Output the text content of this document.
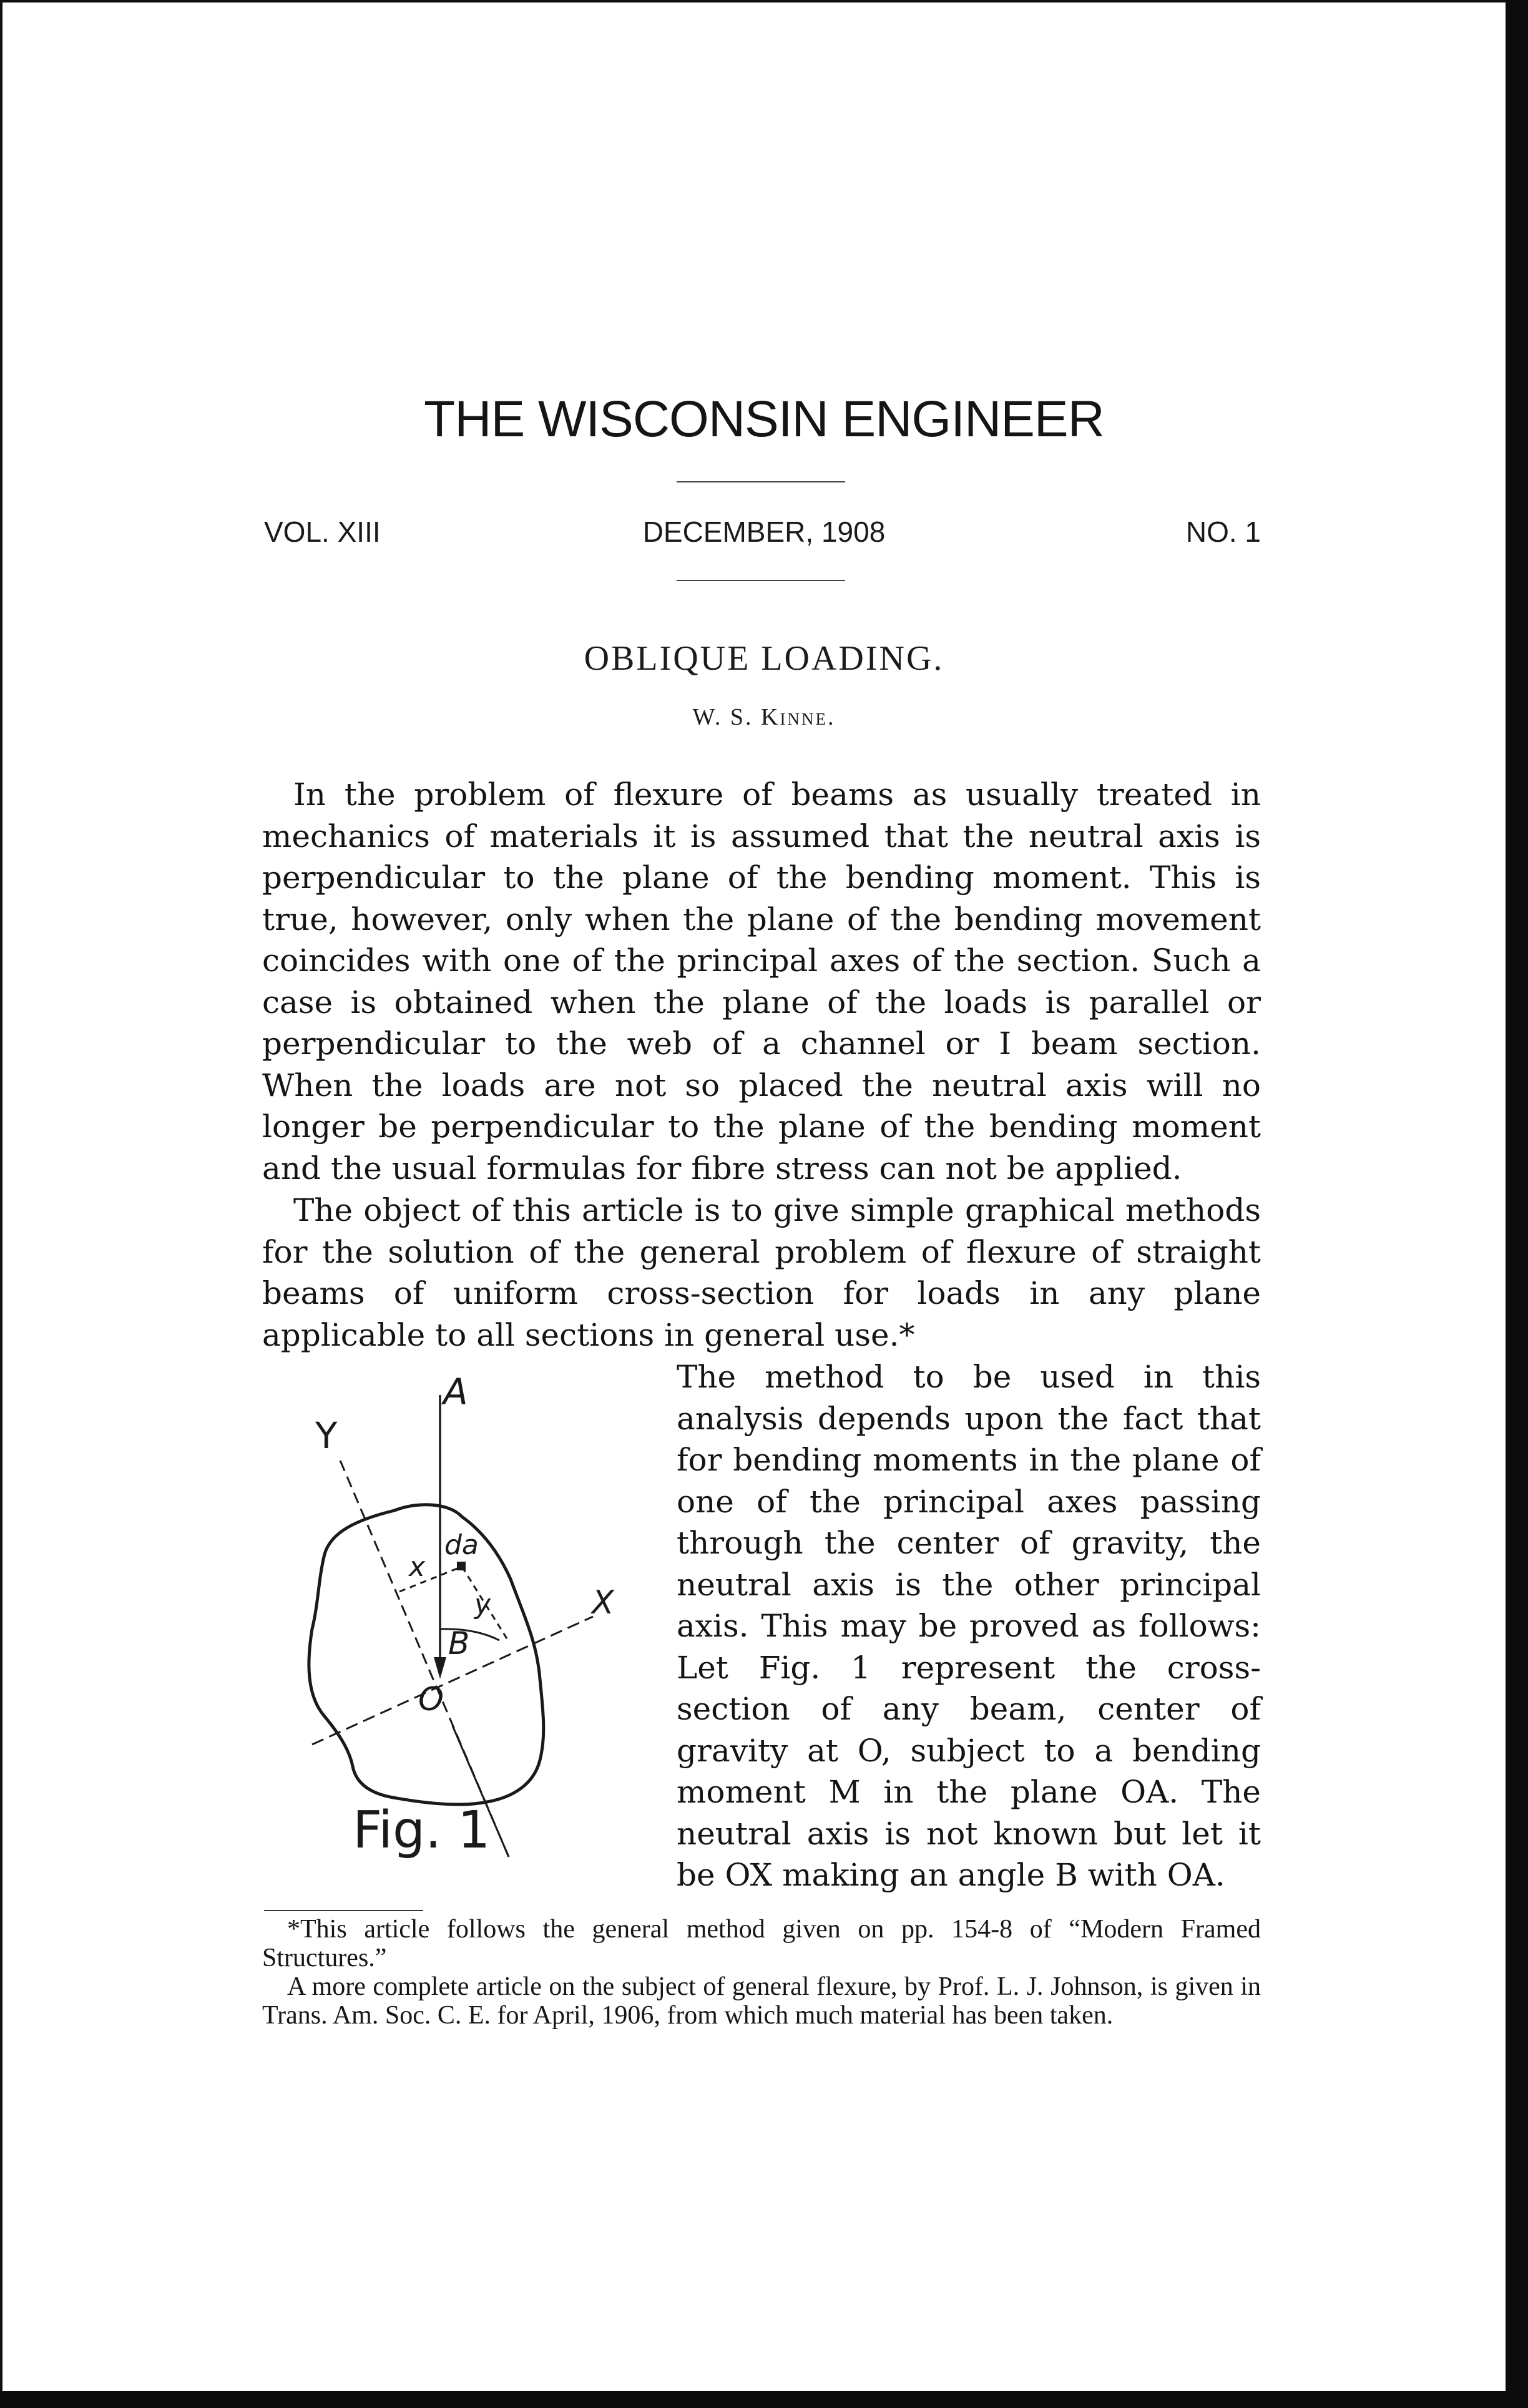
THE WISCONSIN ENGINEER
VOL. XIII	DECEMBER, 1908	NO. 1
OBLIQUE LOADING.
W. S. Kinne.
In the problem of flexure of beams as usually treated in mechanics of materials it is assumed that the neutral axis is perpendicular to the plane of the bending moment. This is true, however, only when the plane of the bending movement coincides with one of the principal axes of the section. Such a case is obtained when the plane of the loads is parallel or perpendicular to the web of a channel or I beam section. When the loads are not so placed the neutral axis will no longer be perpendicular to the plane of the bending moment and the usual formulas for fibre stress can not be applied.
The object of this article is to give simple graphical methods for the solution of the general problem of flexure of straight beams of uniform cross-section for loads in any plane applicable to all sections in general use.*
A
Y
X
x
da
y
B
O
Fig. 1
The method to be used in this analysis depends upon the fact that for bending moments in the plane of one of the principal axes passing through the center of gravity, the neutral axis is the other principal axis. This may be proved as follows: Let Fig. 1 represent the cross-section of any beam, center of gravity at O, subject to a bending moment M in the plane OA. The neutral axis is not known but let it be OX making an angle B with OA.

*This article follows the general method given on pp. 154-8 of “Modern Framed Structures.”

A more complete article on the subject of general flexure, by Prof. L. J. Johnson, is given in Trans. Am. Soc. C. E. for April, 1906, from which much material has been taken.
